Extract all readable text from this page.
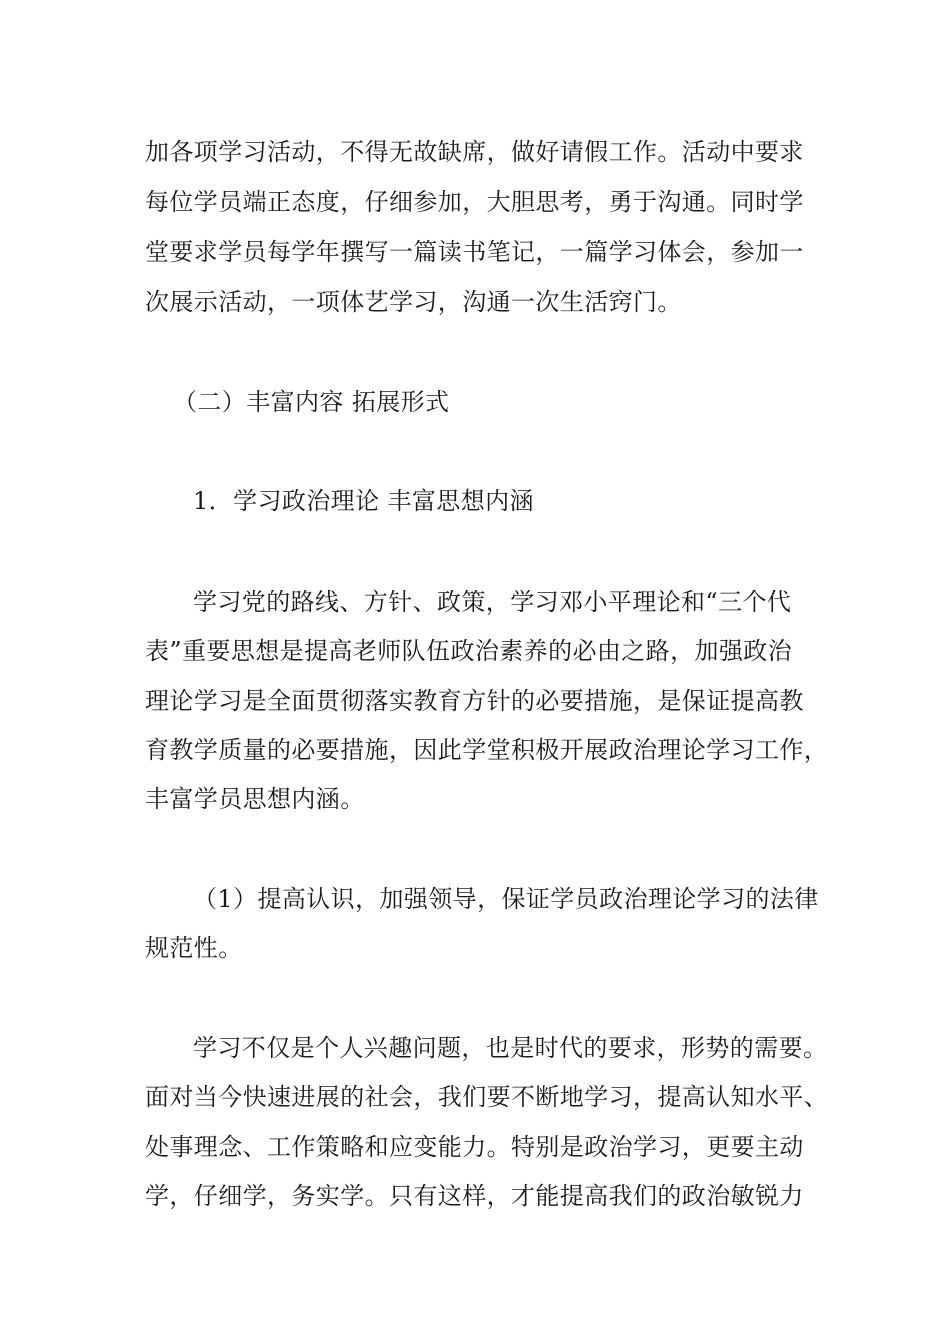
加各项学习活动，不得无故缺席，做好请假工作。活动中要求
每位学员端正态度，仔细参加，大胆思考，勇于沟通。同时学
堂要求学员每学年撰写一篇读书笔记，一篇学习体会，参加一
次展示活动，一项体艺学习，沟通一次生活窍门。
（二）丰富内容 拓展形式
1．学习政治理论 丰富思想内涵
学习党的路线、方针、政策，学习邓小平理论和“三个代
表”重要思想是提高老师队伍政治素养的必由之路，加强政治
理论学习是全面贯彻落实教育方针的必要措施，是保证提高教
育教学质量的必要措施，因此学堂积极开展政治理论学习工作，
丰富学员思想内涵。
（1）提高认识，加强领导，保证学员政治理论学习的法律
规范性。
学习不仅是个人兴趣问题，也是时代的要求，形势的需要。
面对当今快速进展的社会，我们要不断地学习，提高认知水平、
处事理念、工作策略和应变能力。特别是政治学习，更要主动
学，仔细学，务实学。只有这样，才能提高我们的政治敏锐力
